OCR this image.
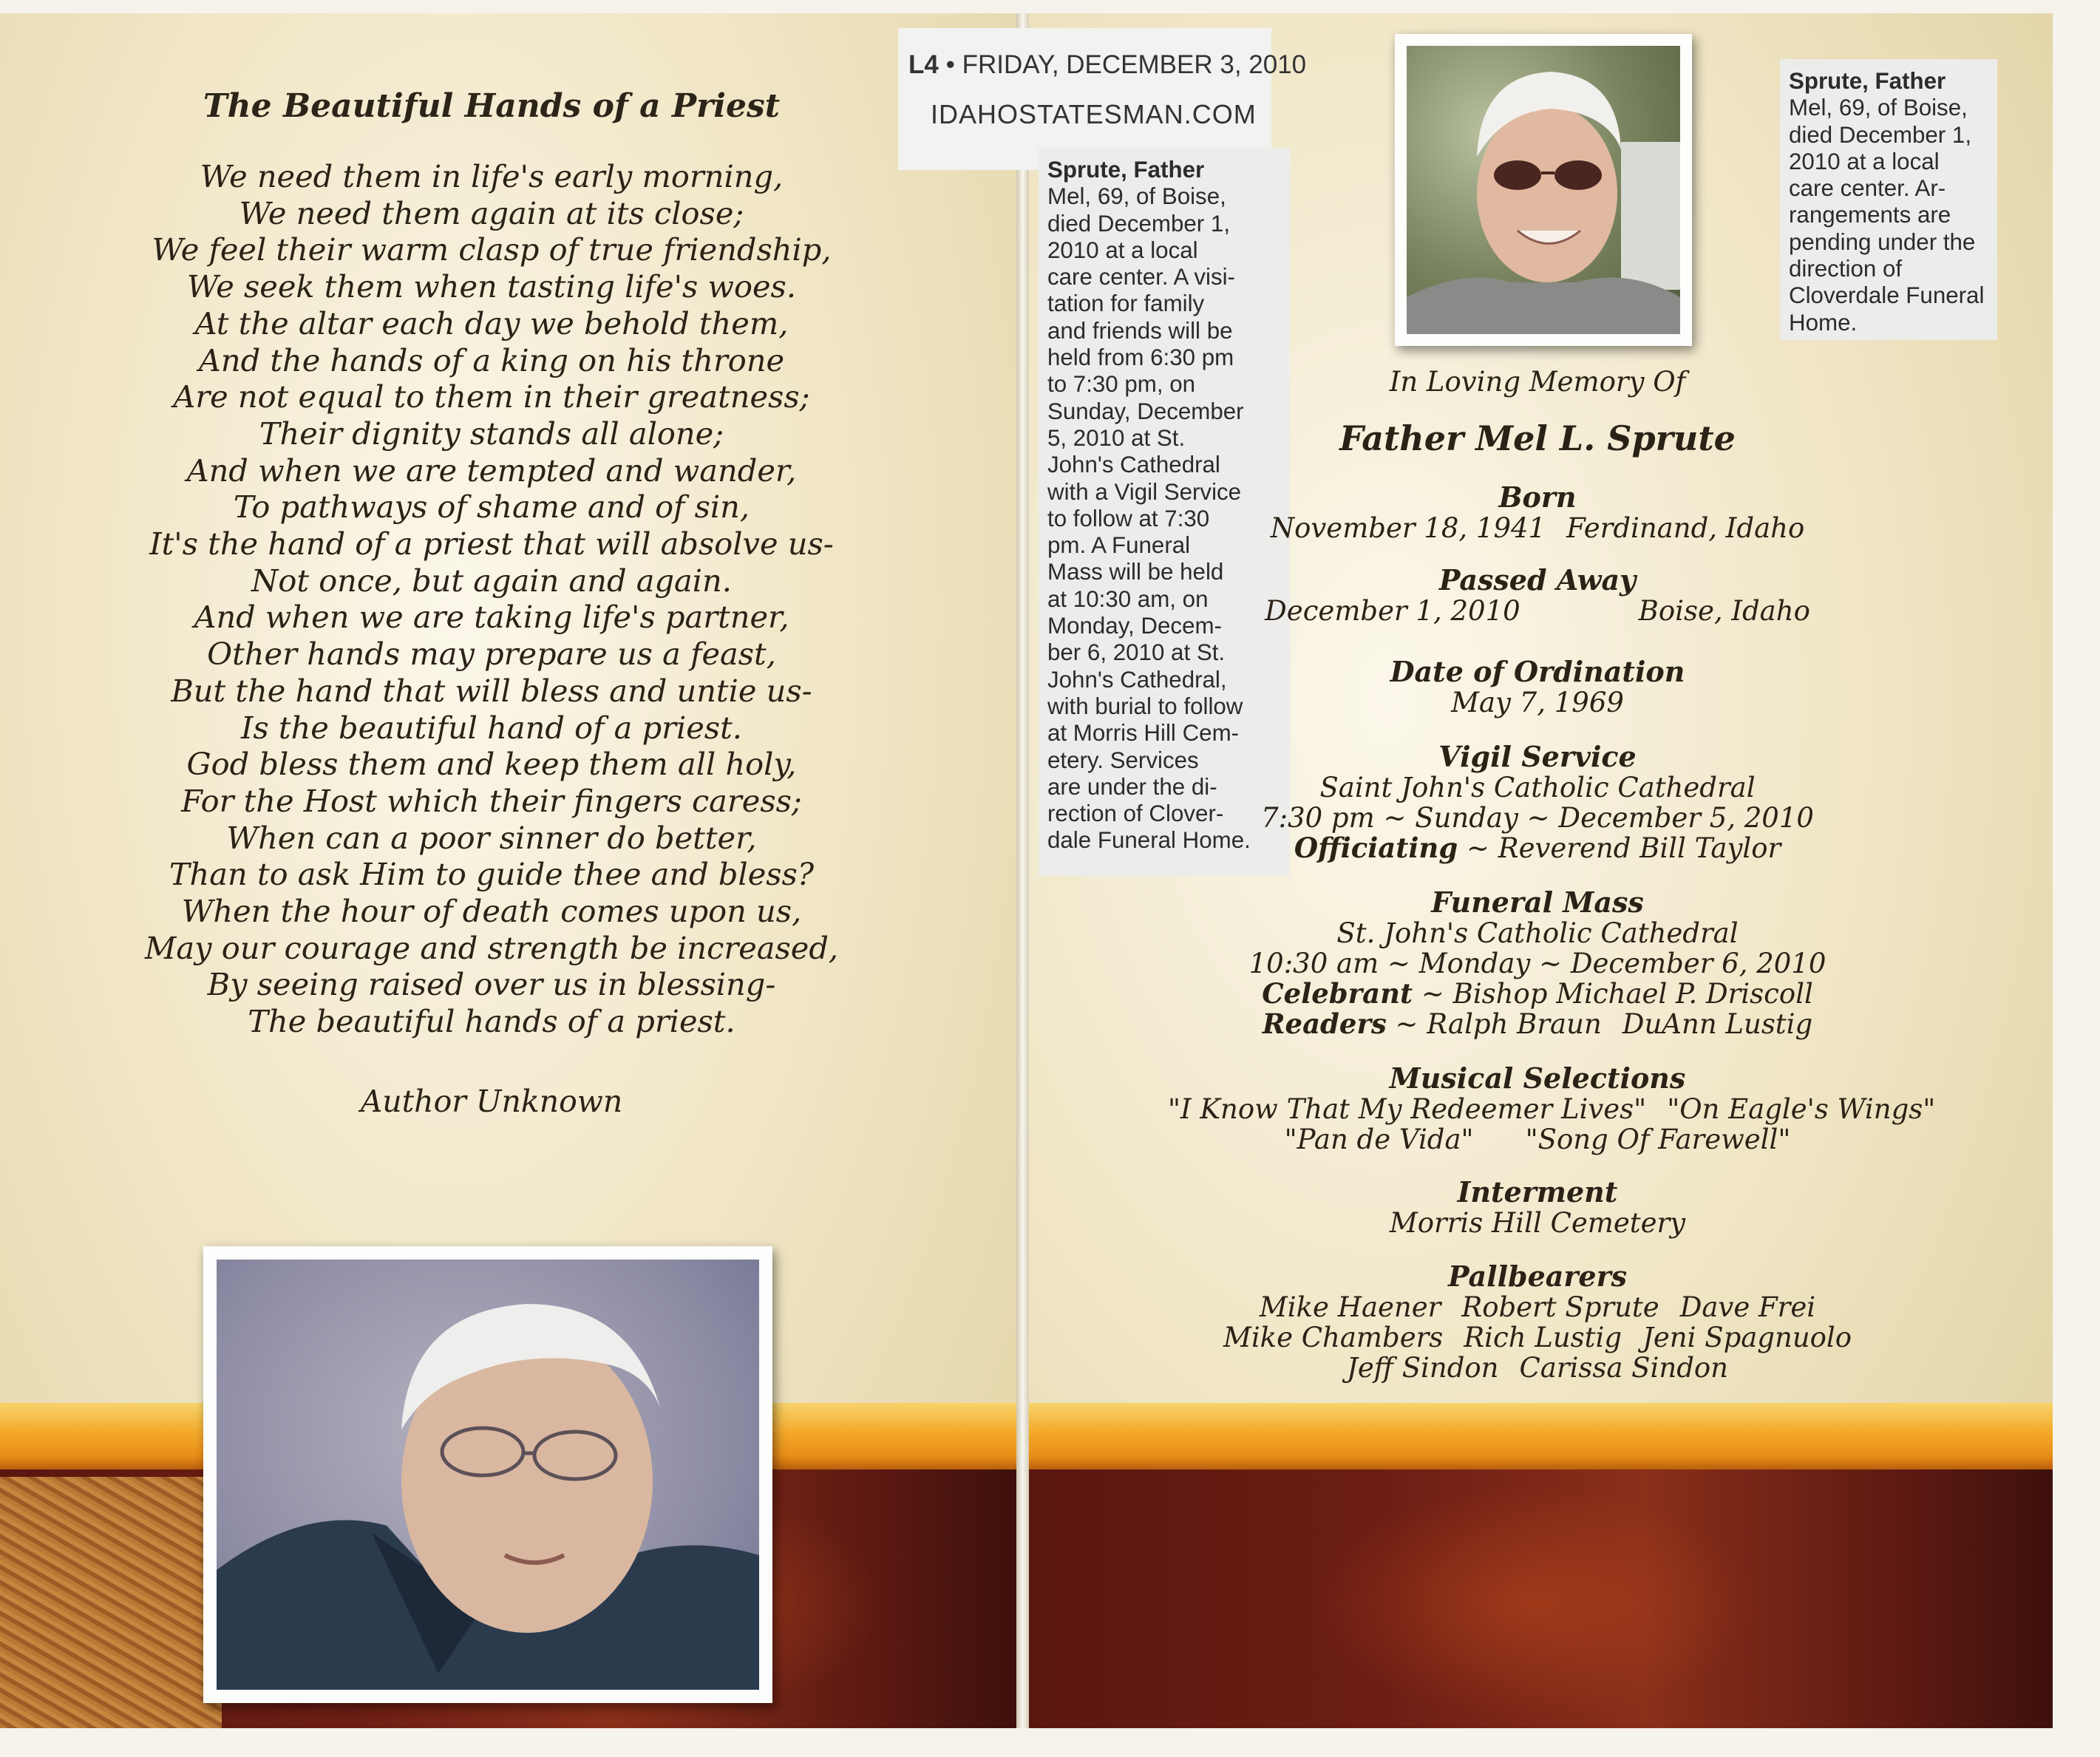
The Beautiful Hands of a Priest
We need them in life's early morning,
We need them again at its close;
We feel their warm clasp of true friendship,
We seek them when tasting life's woes.
At the altar each day we behold them,
And the hands of a king on his throne
Are not equal to them in their greatness;
Their dignity stands all alone;
And when we are tempted and wander,
To pathways of shame and of sin,
It's the hand of a priest that will absolve us-
Not once, but again and again.
And when we are taking life's partner,
Other hands may prepare us a feast,
But the hand that will bless and untie us-
Is the beautiful hand of a priest.
God bless them and keep them all holy,
For the Host which their fingers caress;
When can a poor sinner do better,
Than to ask Him to guide thee and bless?
When the hour of death comes upon us,
May our courage and strength be increased,
By seeing raised over us in blessing-
The beautiful hands of a priest.
Author Unknown
L4 • FRIDAY, DECEMBER 3, 2010
IDAHOSTATESMAN.COM
Sprute, Father
Mel, 69, of Boise,
died December 1,
2010 at a local
care center. A visi-
tation for family
and friends will be
held from 6:30 pm
to 7:30 pm, on
Sunday, December
5, 2010 at St.
John's Cathedral
with a Vigil Service
to follow at 7:30
pm. A Funeral
Mass will be held
at 10:30 am, on
Monday, Decem-
ber 6, 2010 at St.
John's Cathedral,
with burial to follow
at Morris Hill Cem-
etery. Services
are under the di-
rection of Clover-
dale Funeral Home.
Sprute, Father
Mel, 69, of Boise,
died December 1,
2010 at a local
care center. Ar-
rangements are
pending under the
direction of
Cloverdale Funeral
Home.
In Loving Memory Of
Father Mel L. Sprute
Born
November 18, 1941 Ferdinand, Idaho
Passed Away
December 1, 2010	Boise, Idaho
Date of Ordination
May 7, 1969
Vigil Service
Saint John's Catholic Cathedral
7:30 pm ~ Sunday ~ December 5, 2010
Officiating ~ Reverend Bill Taylor
Funeral Mass
St. John's Catholic Cathedral
10:30 am ~ Monday ~ December 6, 2010
Celebrant ~ Bishop Michael P. Driscoll
Readers ~ Ralph Braun DuAnn Lustig
Musical Selections
"I Know That My Redeemer Lives" "On Eagle's Wings"
"Pan de Vida" "Song Of Farewell"
Interment
Morris Hill Cemetery
Pallbearers
Mike Haener Robert Sprute Dave Frei
Mike Chambers Rich Lustig Jeni Spagnuolo
Jeff Sindon Carissa Sindon
